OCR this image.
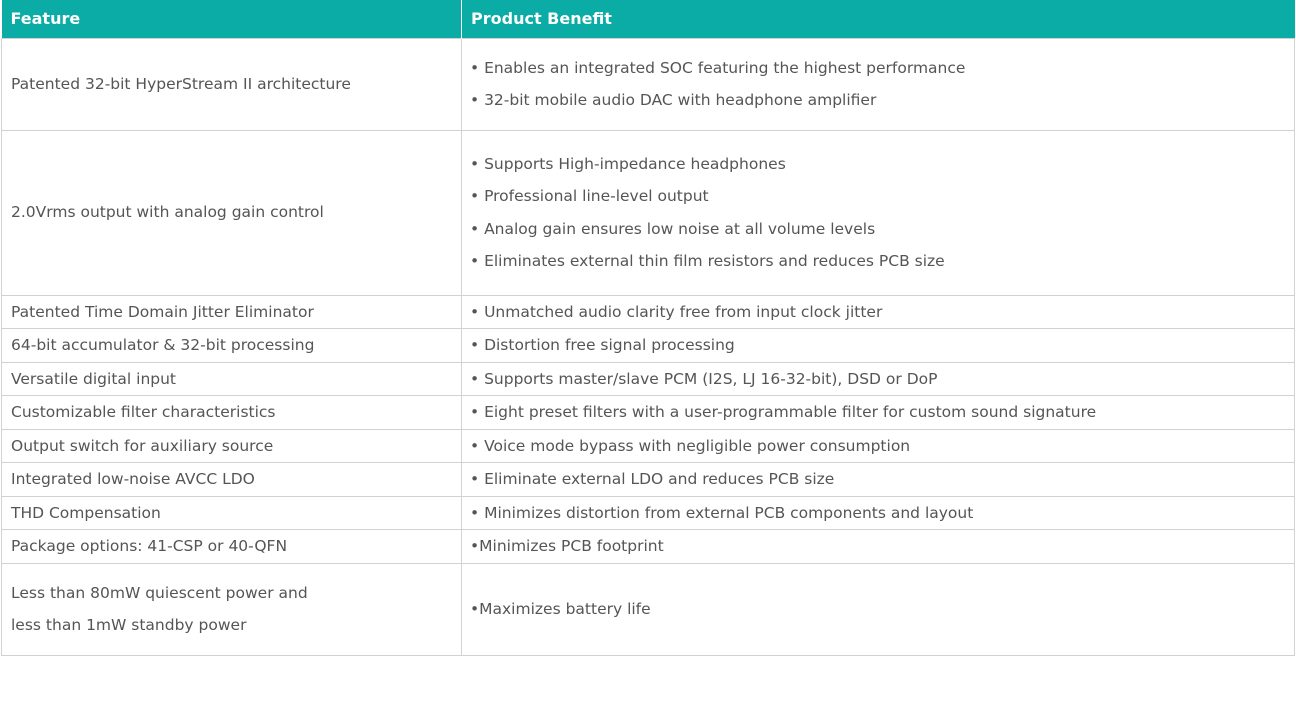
Feature	Product Benefit

Patented 32-bit HyperStream II architecture	• Enables an integrated SOC featuring the highest performance
• 32-bit mobile audio DAC with headphone amplifier

2.0Vrms output with analog gain control	• Supports High-impedance headphones
• Professional line-level output
• Analog gain ensures low noise at all volume levels
• Eliminates external thin film resistors and reduces PCB size

Patented Time Domain Jitter Eliminator	• Unmatched audio clarity free from input clock jitter

64-bit accumulator & 32-bit processing	• Distortion free signal processing

Versatile digital input	• Supports master/slave PCM (I2S, LJ 16-32-bit), DSD or DoP

Customizable filter characteristics	• Eight preset filters with a user-programmable filter for custom sound signature

Output switch for auxiliary source	• Voice mode bypass with negligible power consumption

Integrated low-noise AVCC LDO	• Eliminate external LDO and reduces PCB size

THD Compensation	• Minimizes distortion from external PCB components and layout

Package options: 41-CSP or 40-QFN	•Minimizes PCB footprint

Less than 80mW quiescent power and
less than 1mW standby power	•Maximizes battery life
